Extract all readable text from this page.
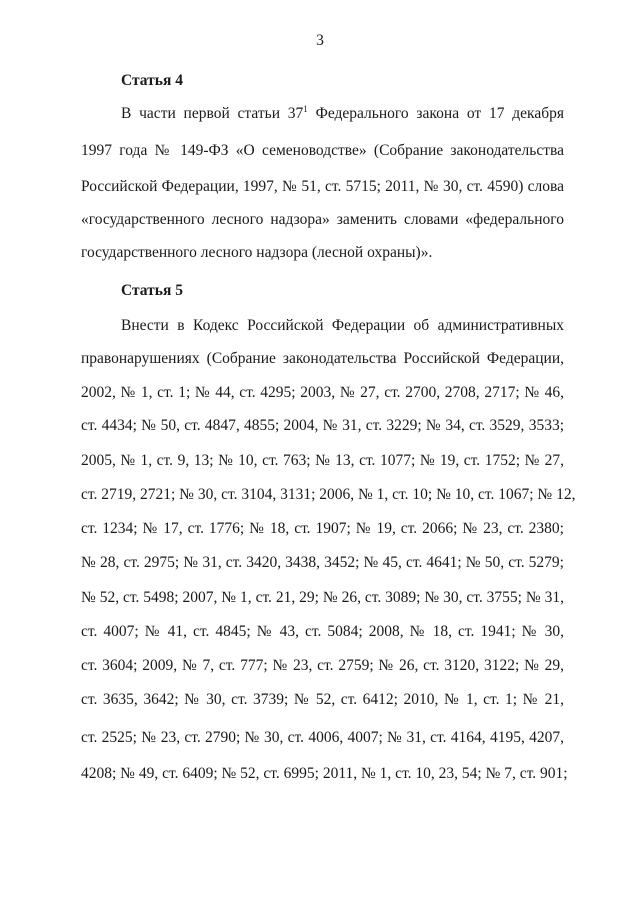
3
Статья 4
В части первой статьи $37^1$ Федерального закона от 17 декабря
1997 года № 149-ФЗ «О семеноводстве» (Собрание законодательства
Российской Федерации, 1997, № 51, ст. 5715; 2011, № 30, ст. 4590) слова
«государственного лесного надзора» заменить словами «федерального
государственного лесного надзора (лесной охраны)».
Статья 5
Внести в Кодекс Российской Федерации об административных
правонарушениях (Собрание законодательства Российской Федерации,
2002, № 1, ст. 1; № 44, ст. 4295; 2003, № 27, ст. 2700, 2708, 2717; № 46,
ст. 4434; № 50, ст. 4847, 4855; 2004, № 31, ст. 3229; № 34, ст. 3529, 3533;
2005, № 1, ст. 9, 13; № 10, ст. 763; № 13, ст. 1077; № 19, ст. 1752; № 27,
ст. 2719, 2721; № 30, ст. 3104, 3131; 2006, № 1, ст. 10; № 10, ст. 1067; № 12,
ст. 1234; № 17, ст. 1776; № 18, ст. 1907; № 19, ст. 2066; № 23, ст. 2380;
№ 28, ст. 2975; № 31, ст. 3420, 3438, 3452; № 45, ст. 4641; № 50, ст. 5279;
№ 52, ст. 5498; 2007, № 1, ст. 21, 29; № 26, ст. 3089; № 30, ст. 3755; № 31,
ст. 4007; № 41, ст. 4845; № 43, ст. 5084; 2008, № 18, ст. 1941; № 30,
ст. 3604; 2009, № 7, ст. 777; № 23, ст. 2759; № 26, ст. 3120, 3122; № 29,
ст. 3635, 3642; № 30, ст. 3739; № 52, ст. 6412; 2010, № 1, ст. 1; № 21,
ст. 2525; № 23, ст. 2790; № 30, ст. 4006, 4007; № 31, ст. 4164, 4195, 4207,
4208; № 49, ст. 6409; № 52, ст. 6995; 2011, № 1, ст. 10, 23, 54; № 7, ст. 901;
